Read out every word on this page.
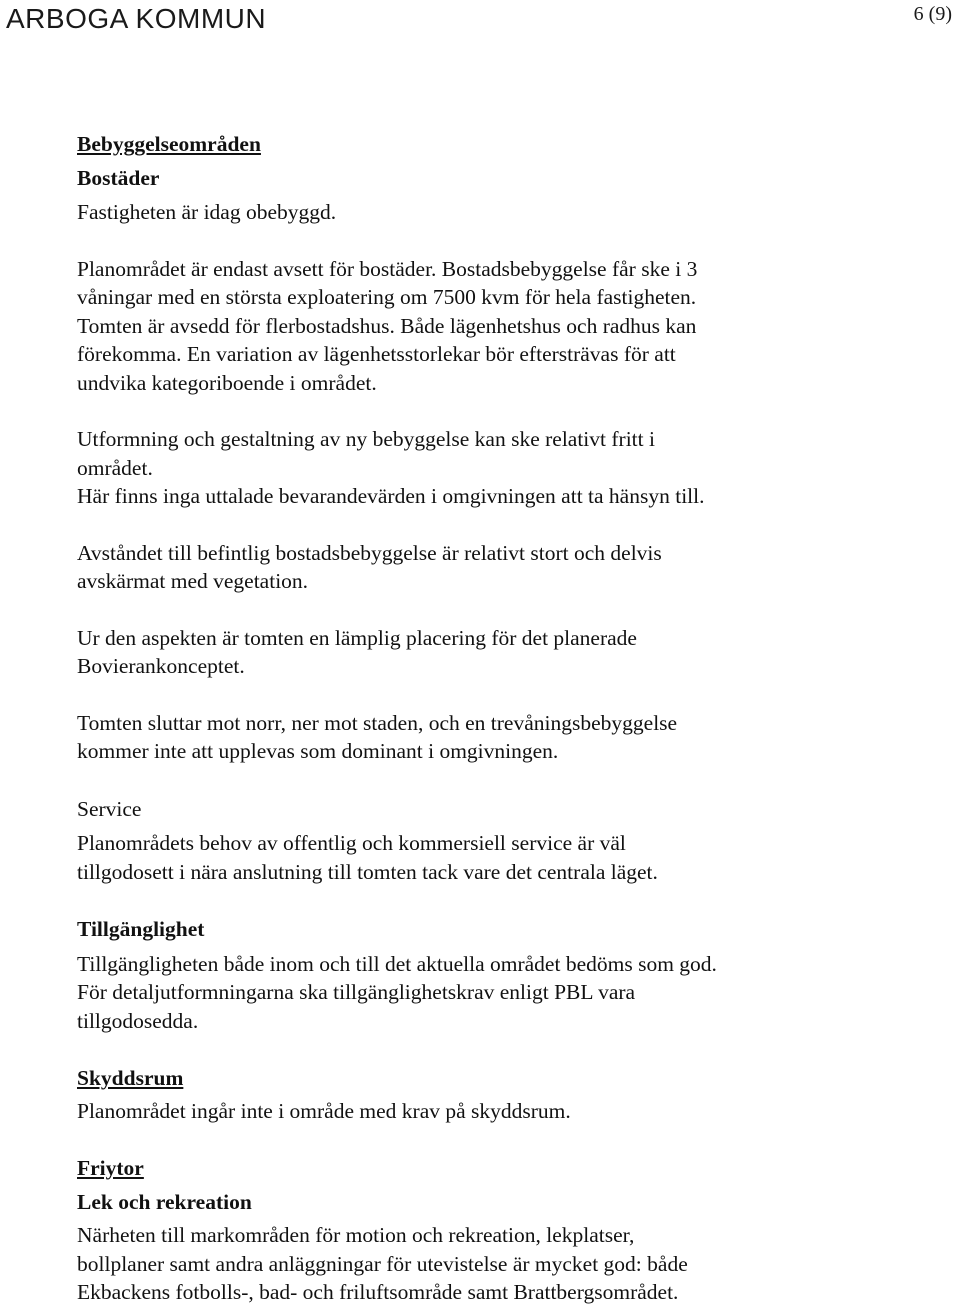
ARBOGA KOMMUN	6 (9)

Bebyggelseområden

Bostäder

Fastigheten är idag obebyggd.

Planområdet är endast avsett för bostäder. Bostadsbebyggelse får ske i 3

våningar med en största exploatering om 7500 kvm för hela fastigheten.

Tomten är avsedd för flerbostadshus. Både lägenhetshus och radhus kan

förekomma. En variation av lägenhetsstorlekar bör eftersträvas för att

undvika kategoriboende i området.

Utformning och gestaltning av ny bebyggelse kan ske relativt fritt i

området.

Här finns inga uttalade bevarandevärden i omgivningen att ta hänsyn till.

Avståndet till befintlig bostadsbebyggelse är relativt stort och delvis

avskärmat med vegetation.

Ur den aspekten är tomten en lämplig placering för det planerade

Bovierankonceptet.

Tomten sluttar mot norr, ner mot staden, och en trevåningsbebyggelse

kommer inte att upplevas som dominant i omgivningen.

Service

Planområdets behov av offentlig och kommersiell service är väl

tillgodosett i nära anslutning till tomten tack vare det centrala läget.

Tillgänglighet

Tillgängligheten både inom och till det aktuella området bedöms som god.

För detaljutformningarna ska tillgänglighetskrav enligt PBL vara

tillgodosedda.

Skyddsrum

Planområdet ingår inte i område med krav på skyddsrum.

Friytor

Lek och rekreation

Närheten till markområden för motion och rekreation, lekplatser,

bollplaner samt andra anläggningar för utevistelse är mycket god: både

Ekbackens fotbolls-, bad- och friluftsområde samt Brattbergsområdet.
